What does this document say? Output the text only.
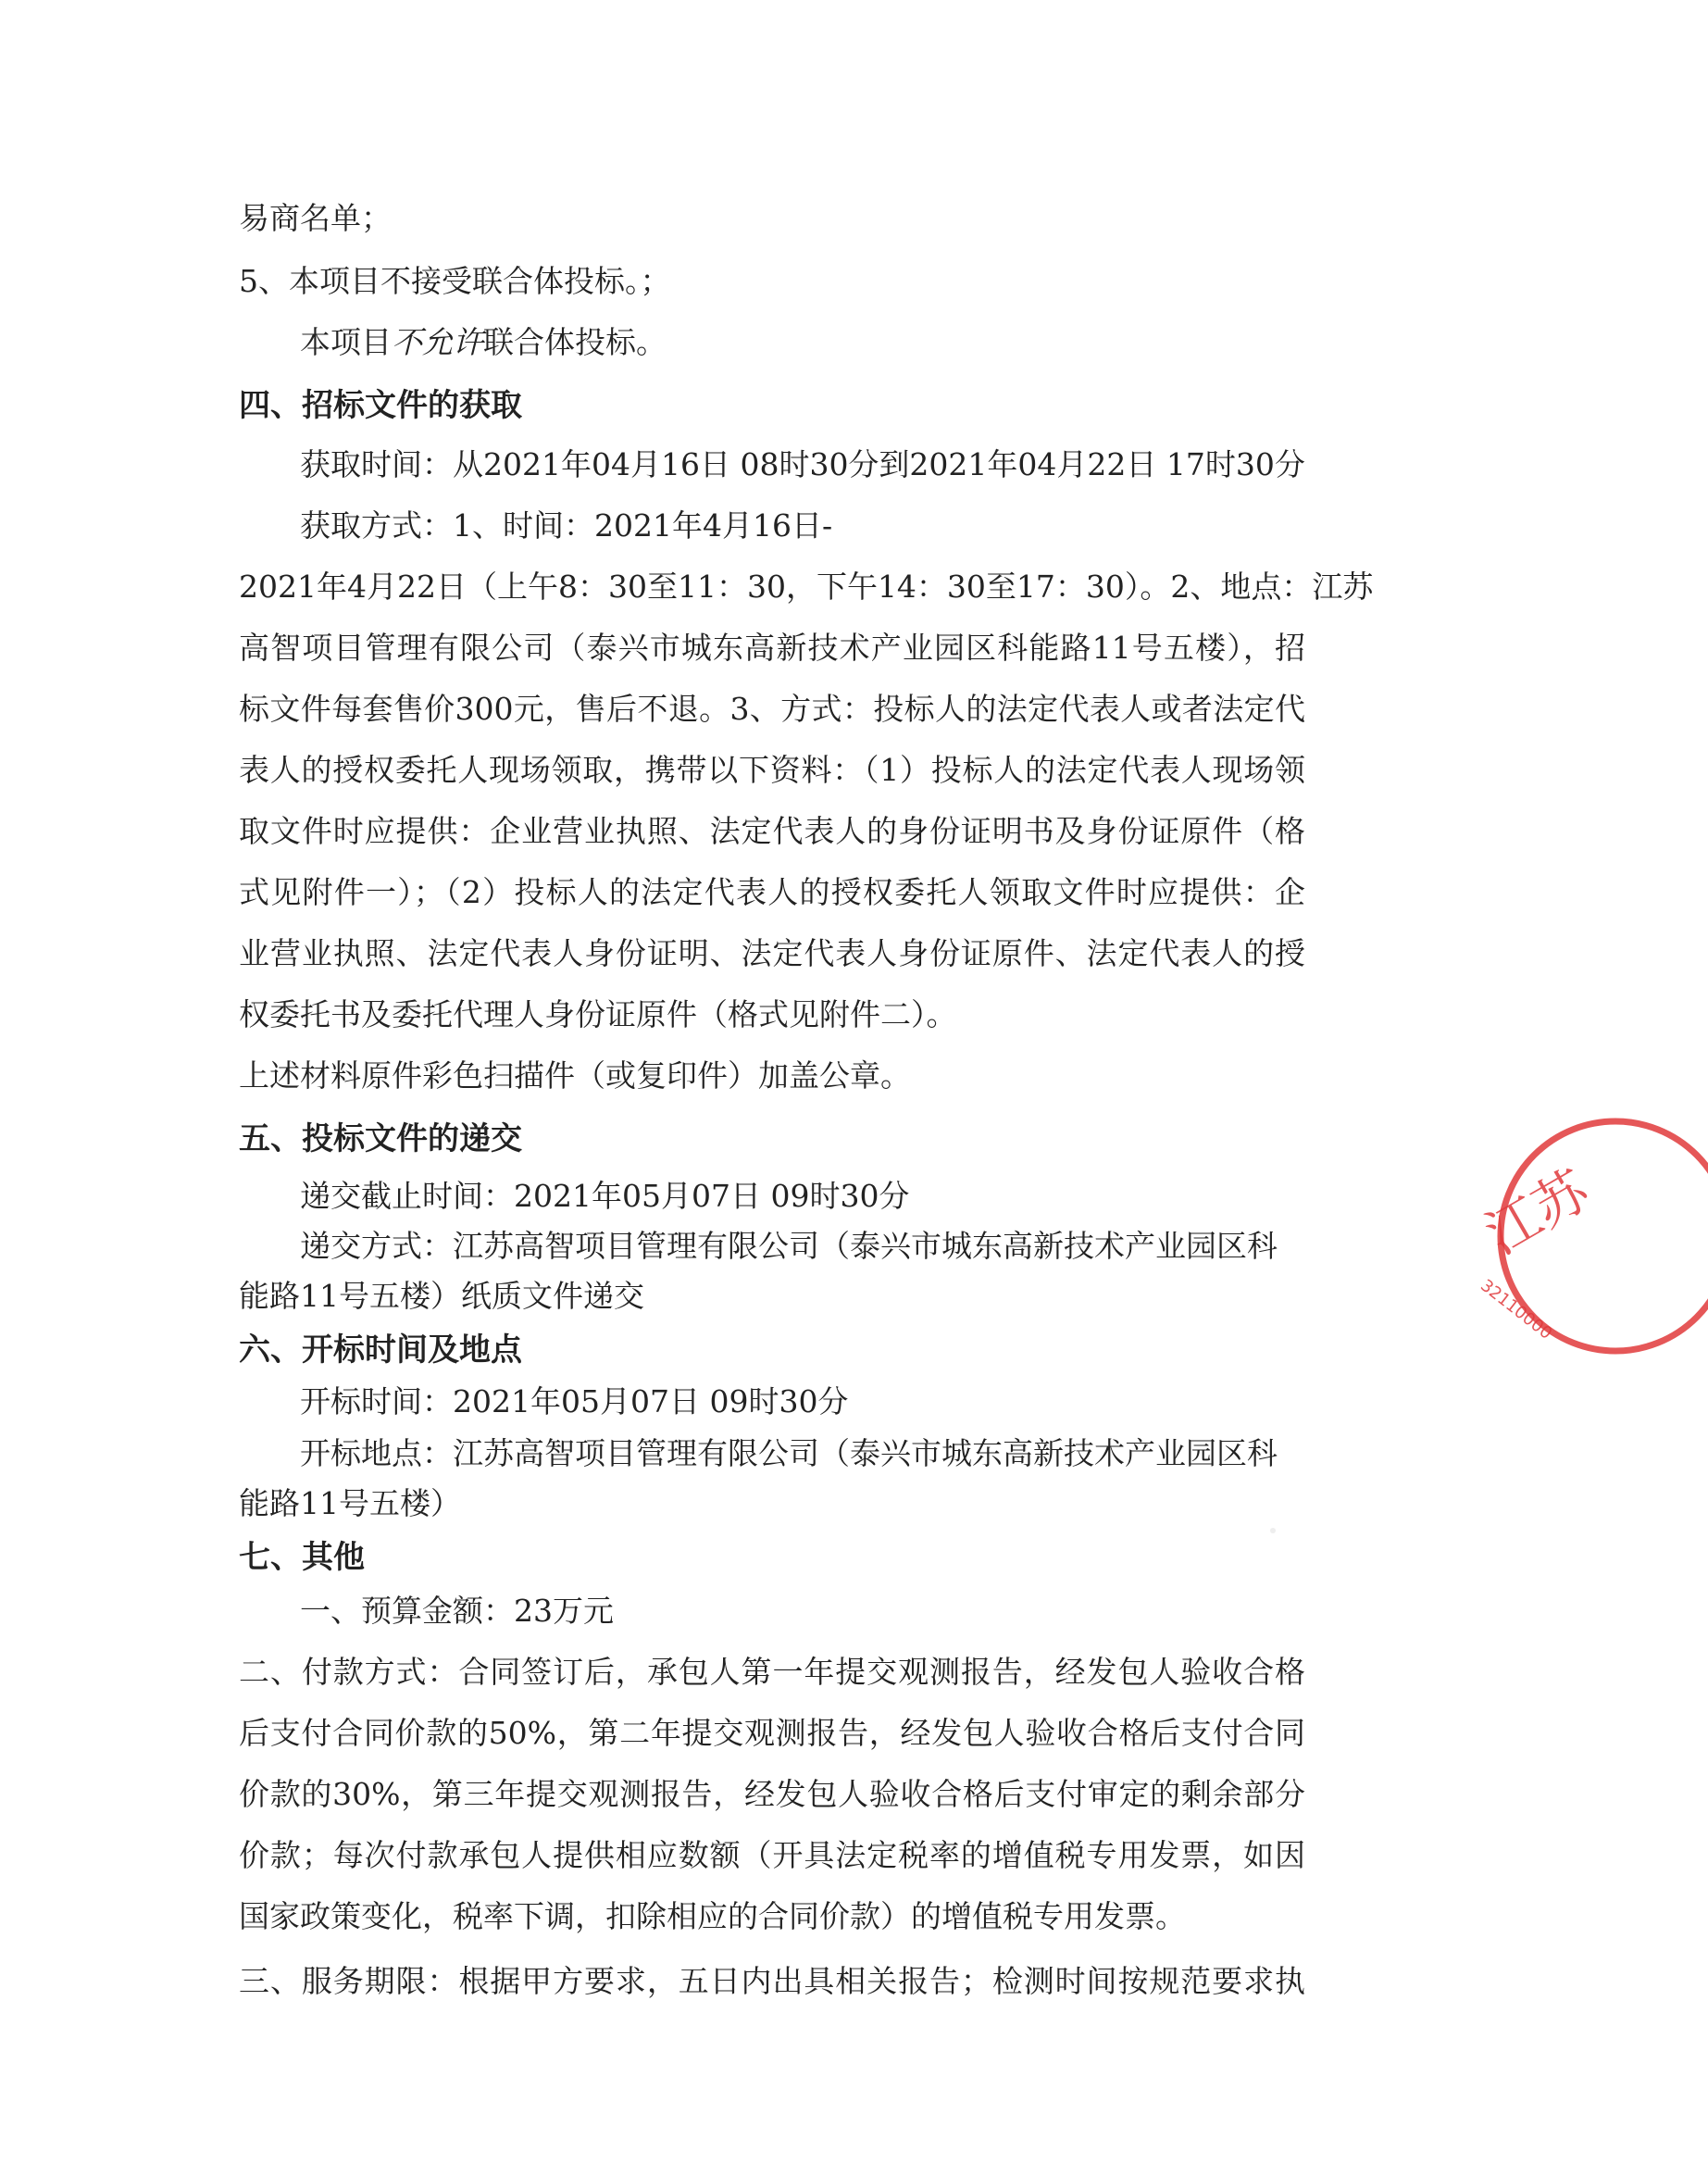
易商名单；
5、本项目不接受联合体投标。；
本项目不允许联合体投标。
四、招标文件的获取
获取时间：从2021年04月16日 08时30分到2021年04月22日 17时30分
获取方式：1、时间：2021年4月16日-
2021年4月22日（上午8：30至11：30，下午14：30至17：30）。2、地点：江苏
高智项目管理有限公司（泰兴市城东高新技术产业园区科能路11号五楼），招
标文件每套售价300元，售后不退。3、方式：投标人的法定代表人或者法定代
表人的授权委托人现场领取，携带以下资料：（1）投标人的法定代表人现场领
取文件时应提供：企业营业执照、法定代表人的身份证明书及身份证原件（格
式见附件一）；（2）投标人的法定代表人的授权委托人领取文件时应提供：企
业营业执照、法定代表人身份证明、法定代表人身份证原件、法定代表人的授
权委托书及委托代理人身份证原件（格式见附件二）。
上述材料原件彩色扫描件（或复印件）加盖公章。
五、投标文件的递交
递交截止时间：2021年05月07日 09时30分
递交方式：江苏高智项目管理有限公司（泰兴市城东高新技术产业园区科
能路11号五楼）纸质文件递交
六、开标时间及地点
开标时间：2021年05月07日 09时30分
开标地点：江苏高智项目管理有限公司（泰兴市城东高新技术产业园区科
能路11号五楼）
七、其他
一、预算金额：23万元
二、付款方式：合同签订后，承包人第一年提交观测报告，经发包人验收合格
后支付合同价款的50%，第二年提交观测报告，经发包人验收合格后支付合同
价款的30%，第三年提交观测报告，经发包人验收合格后支付审定的剩余部分
价款；每次付款承包人提供相应数额（开具法定税率的增值税专用发票，如因
国家政策变化，税率下调，扣除相应的合同价款）的增值税专用发票。
三、服务期限：根据甲方要求，五日内出具相关报告；检测时间按规范要求执
江苏
32110000
